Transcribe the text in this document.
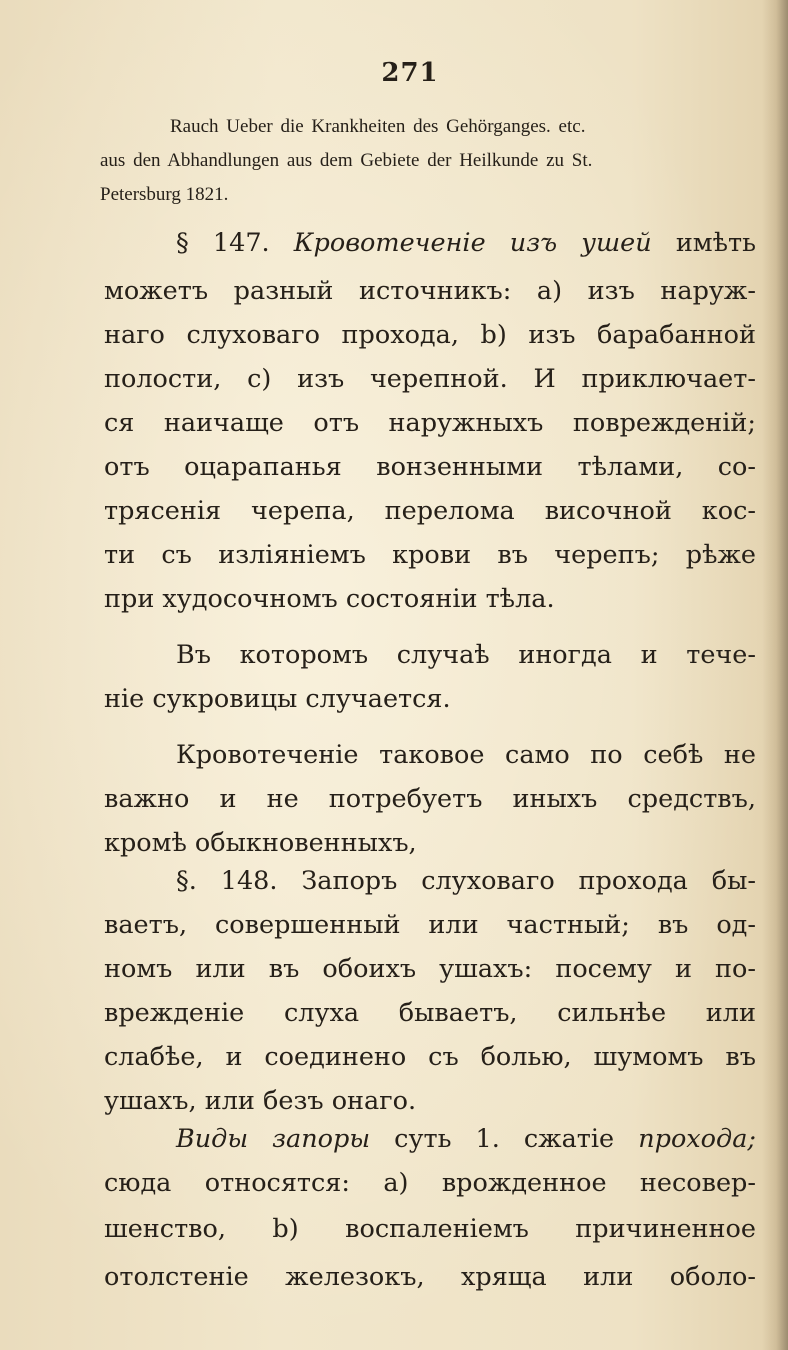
271
Rauch Ueber die Krankheiten des Gehörganges. etc.
aus den Abhandlungen aus dem Gebiete der Heilkunde zu St.
Petersburg 1821.
§ 147. Кровотеченіе изъ ушей имѣть
можетъ разный источникъ: а) изъ наруж-
наго слуховаго прохода, b) изъ барабанной
полости, с) изъ черепной. И приключает-
ся наичаще отъ наружныхъ поврежденій;
отъ оцарапанья вонзенными тѣлами, со-
трясенія черепа, перелома височной кос-
ти съ изліяніемъ крови въ черепъ; рѣже
при худосочномъ состояніи тѣла.
Въ которомъ случаѣ иногда и тече-
ніе сукровицы случается.
Кровотеченіе таковое само по себѣ не
важно и не потребуетъ иныхъ средствъ,
кромѣ обыкновенныхъ,
§. 148. Запоръ слуховаго прохода бы-
ваетъ, совершенный или частный; въ од-
номъ или въ обоихъ ушахъ: посему и по-
врежденіе слуха бываетъ, сильнѣе или
слабѣе, и соединено съ болью, шумомъ въ
ушахъ, или безъ онаго.
Виды запоры суть 1. сжатіе прохода;
сюда относятся: а) врожденное несовер-
шенство, b) воспаленіемъ причиненное
отолстеніе железокъ, хряща или оболо-
